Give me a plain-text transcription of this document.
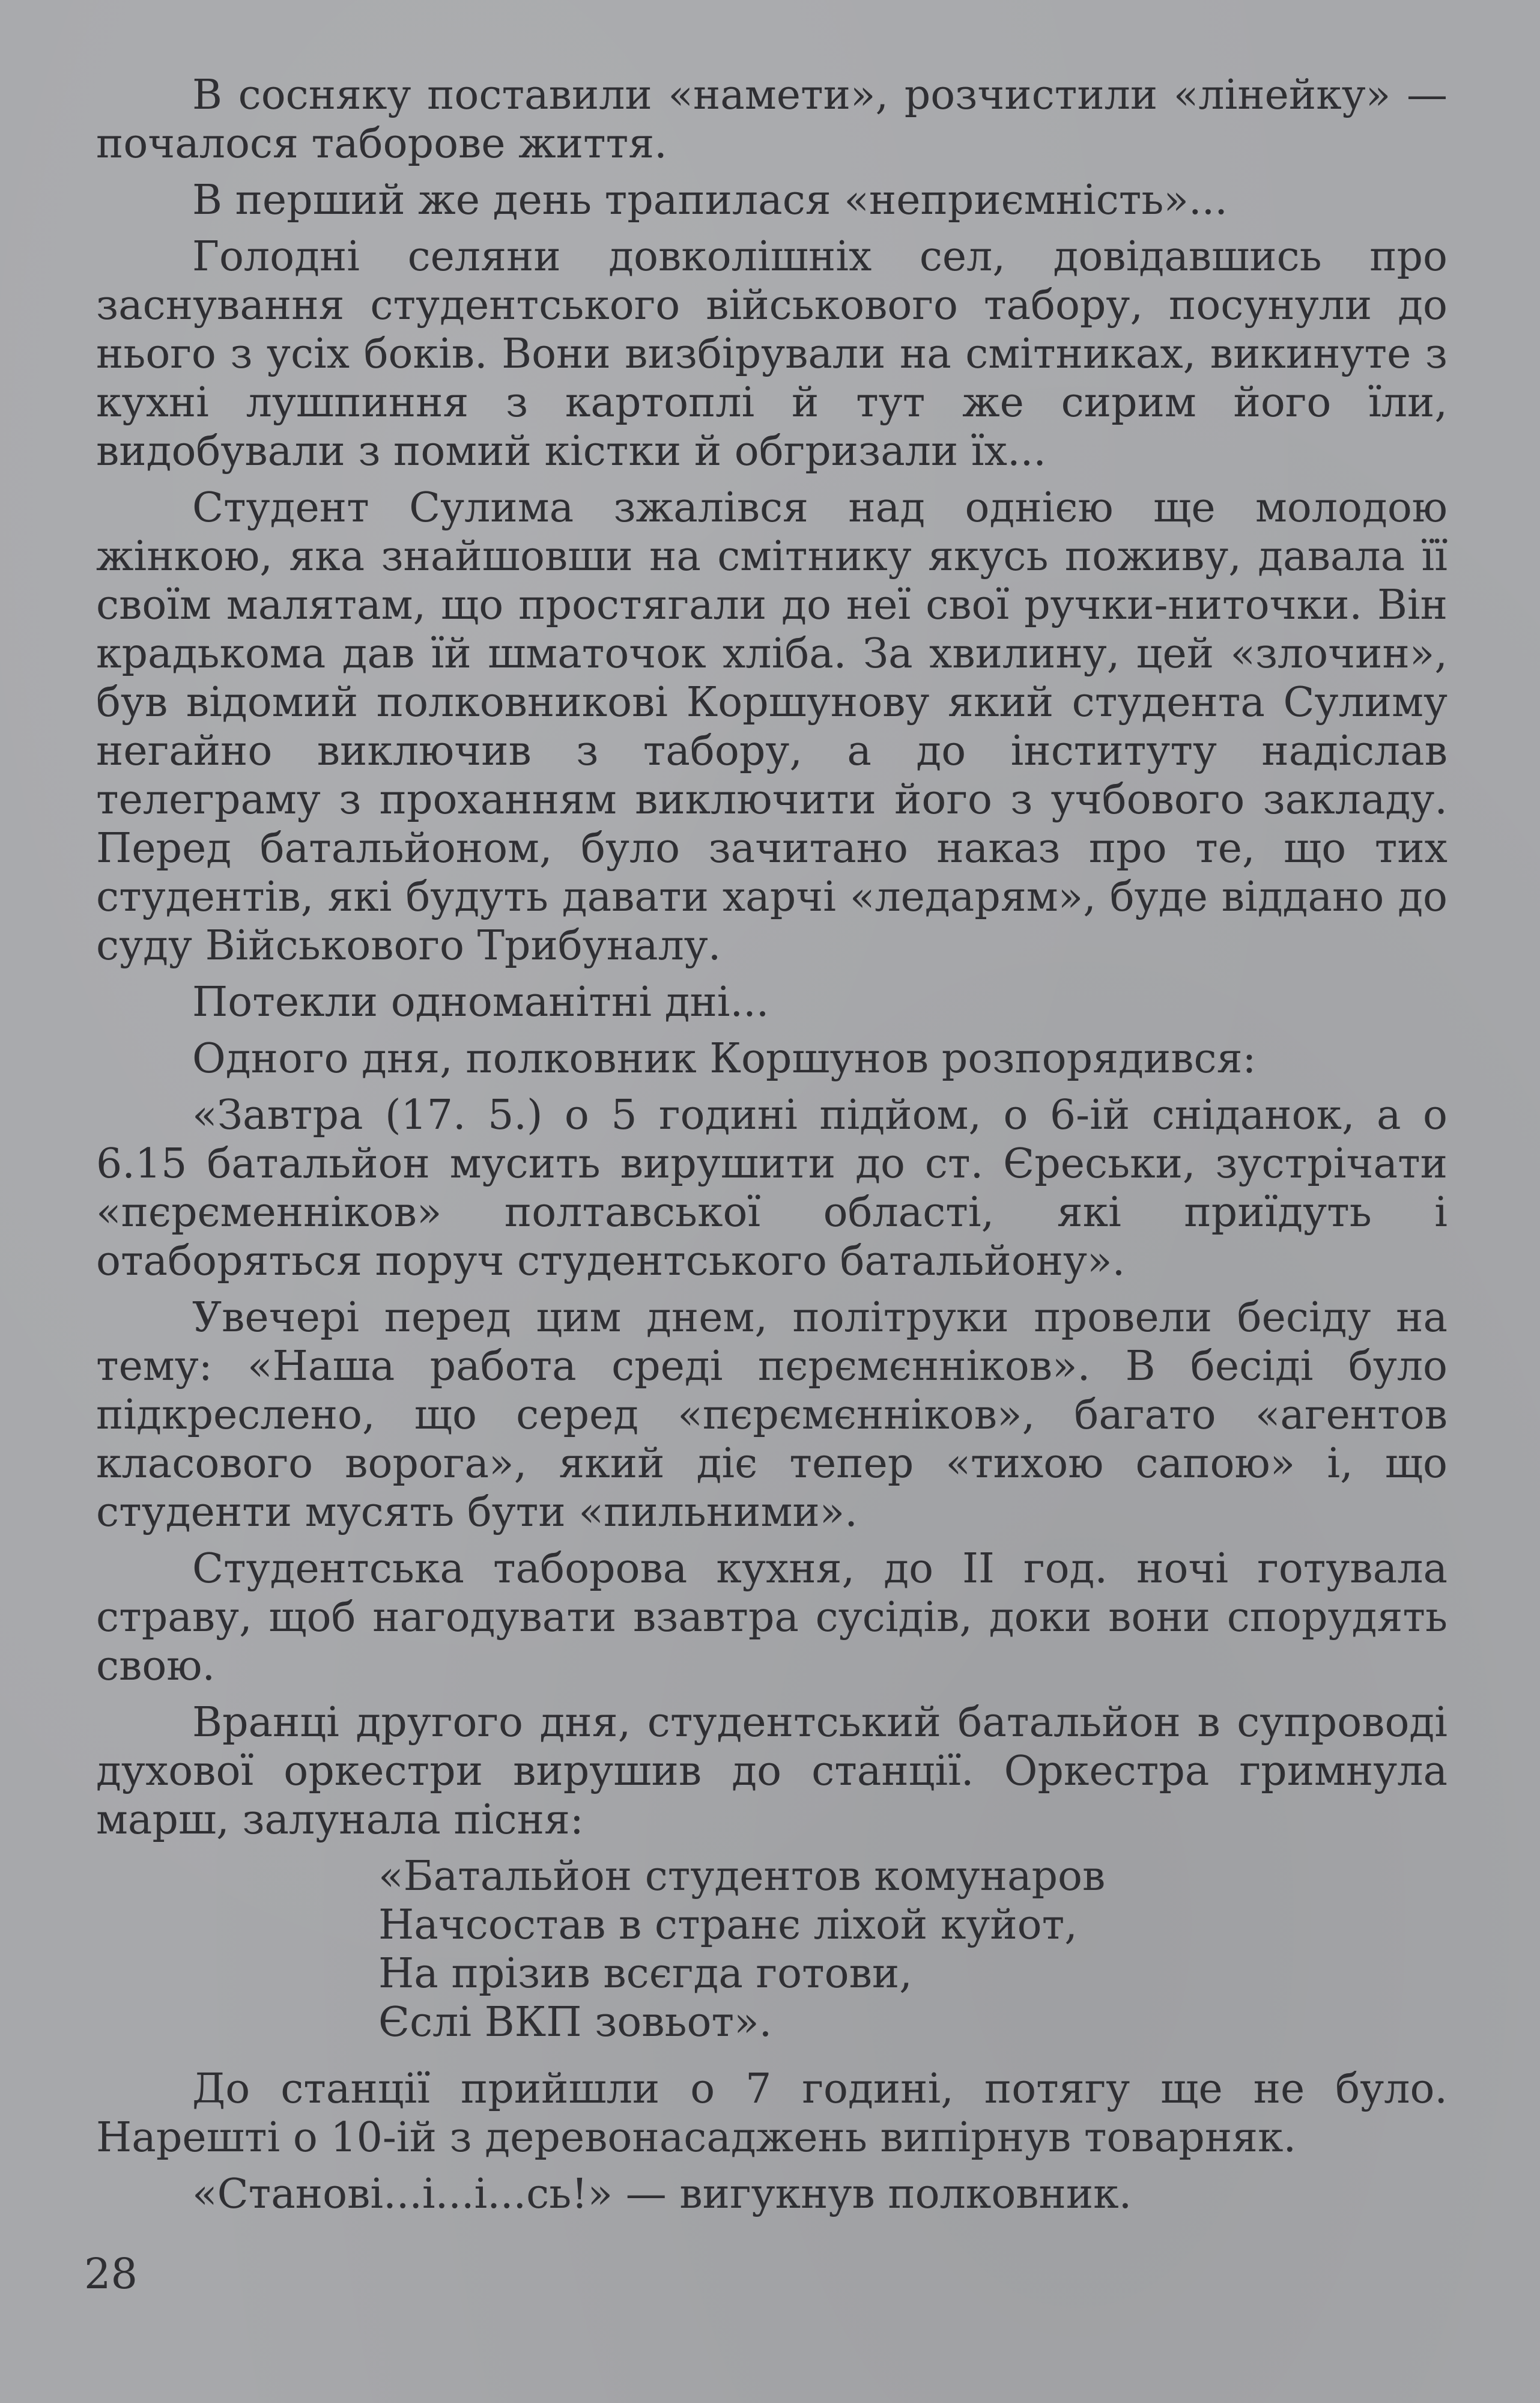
В сосняку поставили «намети», розчистили «лінейку» — почалося таборове життя.

В перший же день трапилася «неприємність»...

Голодні селяни довколішніх сел, довідавшись про заснування студентського військового табору, посунули до нього з усіх боків. Вони визбірували на смітниках, викинуте з кухні лушпиння з картоплі й тут же сирим його їли, видобували з помий кістки й обгризали їх...

Студент Сулима зжалівся над однією ще молодою жінкою, яка знайшовши на смітнику якусь поживу, давала її своїм малятам, що простягали до неї свої ручки-ниточки. Він крадькома дав їй шматочок хліба. За хвилину, цей «злочин», був відомий полковникові Коршунову який студента Сулиму негайно виключив з табору, а до інституту надіслав телеграму з проханням виключити його з учбового закладу. Перед батальйоном, було зачитано наказ про те, що тих студентів, які будуть давати харчі «ледарям», буде віддано до суду Військового Трибуналу.

Потекли одноманітні дні...

Одного дня, полковник Коршунов розпорядився:

«Завтра (17. 5.) о 5 годині підйом, о 6-ій сніданок, а о 6.15 батальйон мусить вирушити до ст. Єреськи, зустрічати «пєрєменніков» полтавської області, які приїдуть і отаборяться поруч студентського батальйону».

Увечері перед цим днем, політруки провели бесіду на тему: «Наша работа среді пєрємєнніков». В бесіді було підкреслено, що серед «пєрємєнніков», багато «агентов класового ворога», який діє тепер «тихою сапою» і, що студенти мусять бути «пильними».

Студентська таборова кухня, до II год. ночі готувала страву, щоб нагодувати взавтра сусідів, доки вони спорудять свою.

Вранці другого дня, студентський батальйон в супроводі духової оркестри вирушив до станції. Оркестра гримнула марш, залунала пісня:

«Батальйон студентов комунаров
Начсостав в странє ліхой куйот,
На прізив всєгда готови,
Єслі ВКП зовьот».

До станції прийшли о 7 годині, потягу ще не було. Нарешті о 10-ій з деревонасаджень випірнув товарняк.

«Станові...і...і...сь!» — вигукнув полковник.

28
